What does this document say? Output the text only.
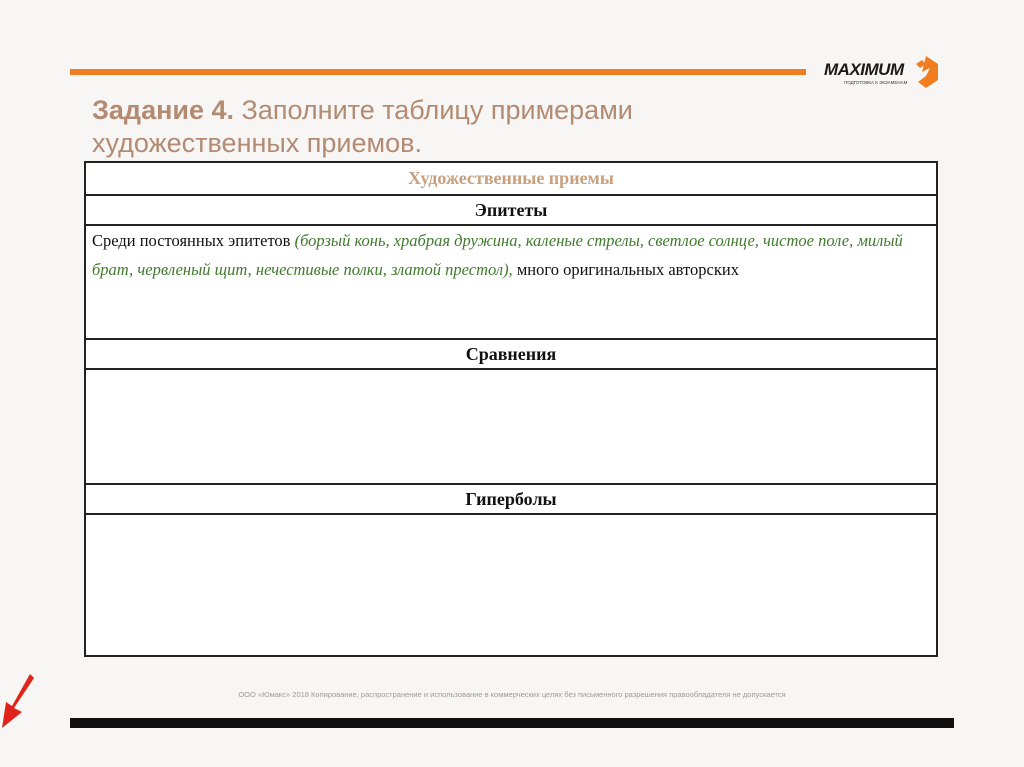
MAXIMUM
ПОДГОТОВКА К ЭКЗАМЕНАМ
Задание 4. Заполните таблицу примерами художественных приемов.
Художественные приемы
Эпитеты
Среди постоянных эпитетов (борзый конь, храбрая дружина, каленые стрелы, светлое солнце, чистое поле, милый брат, червленый щит, нечестивые полки, златой престол), много оригинальных авторских
Сравнения

Гиперболы

ООО «Юмакс» 2018 Копирование, распространение и использование в коммерческих целях без письменного разрешения правообладателя не допускается
